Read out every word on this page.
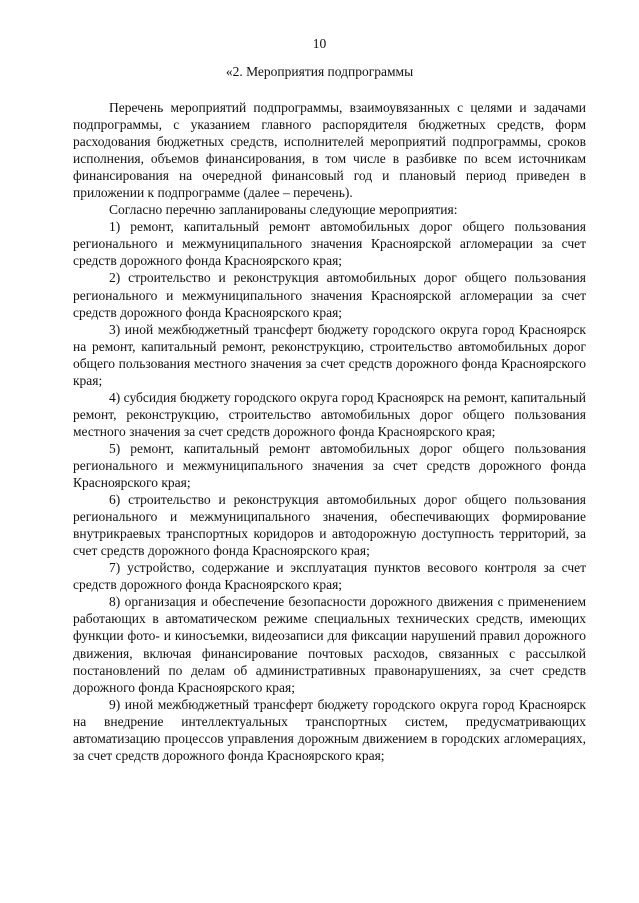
10
«2. Мероприятия подпрограммы

Перечень мероприятий подпрограммы, взаимоувязанных с целями и задачами подпрограммы, с указанием главного распорядителя бюджетных средств, форм расходования бюджетных средств, исполнителей мероприятий подпрограммы, сроков исполнения, объемов финансирования, в том числе в разбивке по всем источникам финансирования на очередной финансовый год и плановый период приведен в приложении к подпрограмме (далее – перечень).

Согласно перечню запланированы следующие мероприятия:

1) ремонт, капитальный ремонт автомобильных дорог общего пользования регионального и межмуниципального значения Красноярской агломерации за счет средств дорожного фонда Красноярского края;

2) строительство и реконструкция автомобильных дорог общего пользования регионального и межмуниципального значения Красноярской агломерации за счет средств дорожного фонда Красноярского края;

3) иной межбюджетный трансферт бюджету городского округа город Красноярск на ремонт, капитальный ремонт, реконструкцию, строительство автомобильных дорог общего пользования местного значения за счет средств дорожного фонда Красноярского края;

4) субсидия бюджету городского округа город Красноярск на ремонт, капитальный ремонт, реконструкцию, строительство автомобильных дорог общего пользования местного значения за счет средств дорожного фонда Красноярского края;

5) ремонт, капитальный ремонт автомобильных дорог общего пользования регионального и межмуниципального значения за счет средств дорожного фонда Красноярского края;

6) строительство и реконструкция автомобильных дорог общего пользования регионального и межмуниципального значения, обеспечивающих формирование внутрикраевых транспортных коридоров и автодорожную доступность территорий, за счет средств дорожного фонда Красноярского края;

7) устройство, содержание и эксплуатация пунктов весового контроля за счет средств дорожного фонда Красноярского края;

8) организация и обеспечение безопасности дорожного движения с применением работающих в автоматическом режиме специальных технических средств, имеющих функции фото- и киносъемки, видеозаписи для фиксации нарушений правил дорожного движения, включая финансирование почтовых расходов, связанных с рассылкой постановлений по делам об административных правонарушениях, за счет средств дорожного фонда Красноярского края;

9) иной межбюджетный трансферт бюджету городского округа город Красноярск на внедрение интеллектуальных транспортных систем, предусматривающих автоматизацию процессов управления дорожным движением в городских агломерациях, за счет средств дорожного фонда Красноярского края;
